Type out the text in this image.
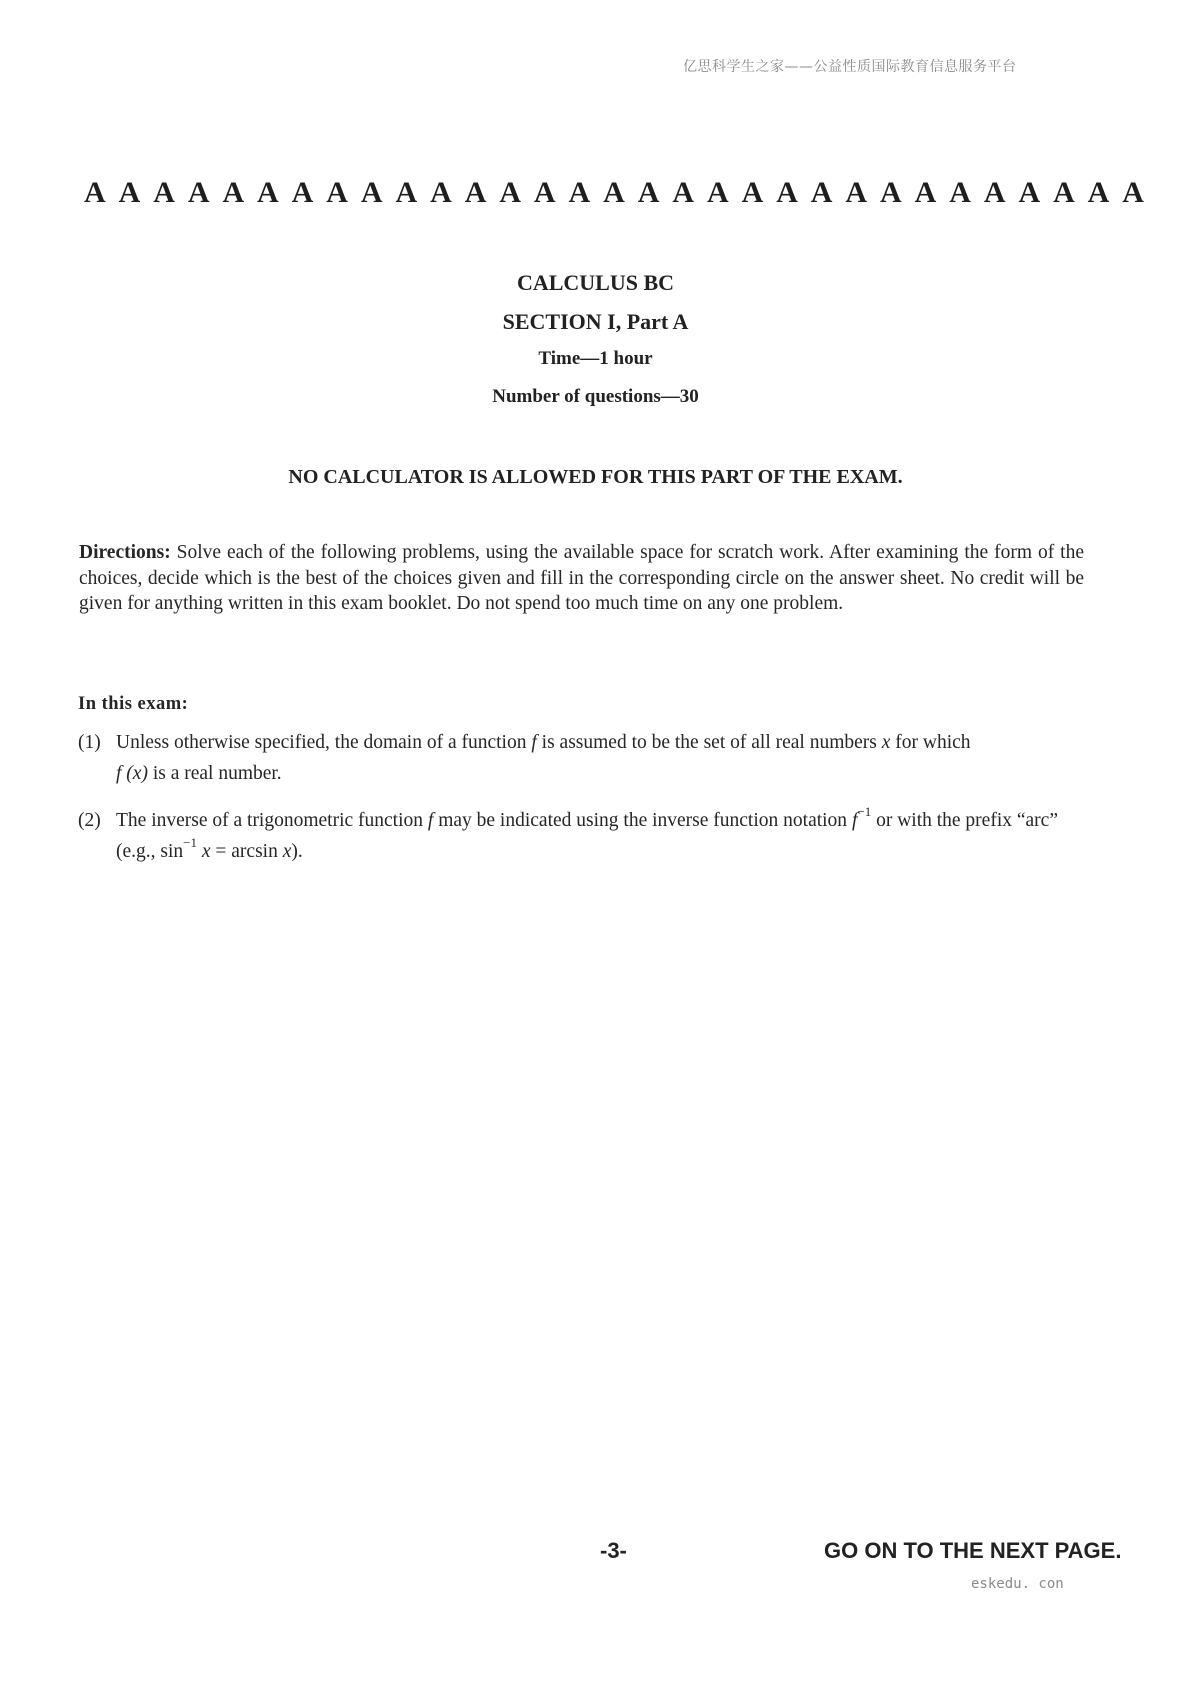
亿思科学生之家——公益性质国际教育信息服务平台
A A A A A A A A A A A A A A A A A A A A A A A A A A A A A A A
CALCULUS BC
SECTION I, Part A
Time—1 hour
Number of questions—30
NO CALCULATOR IS ALLOWED FOR THIS PART OF THE EXAM.
Directions: Solve each of the following problems, using the available space for scratch work. After examining the form of the choices, decide which is the best of the choices given and fill in the corresponding circle on the answer sheet. No credit will be given for anything written in this exam booklet. Do not spend too much time on any one problem.
In this exam:
(1) Unless otherwise specified, the domain of a function f is assumed to be the set of all real numbers x for which
f (x) is a real number.
(2) The inverse of a trigonometric function f may be indicated using the inverse function notation $f^{-1}$ or with the prefix “arc” (e.g., $\sin^{-1} x = \arcsin x$).
-3-	GO ON TO THE NEXT PAGE.
eskedu. con
